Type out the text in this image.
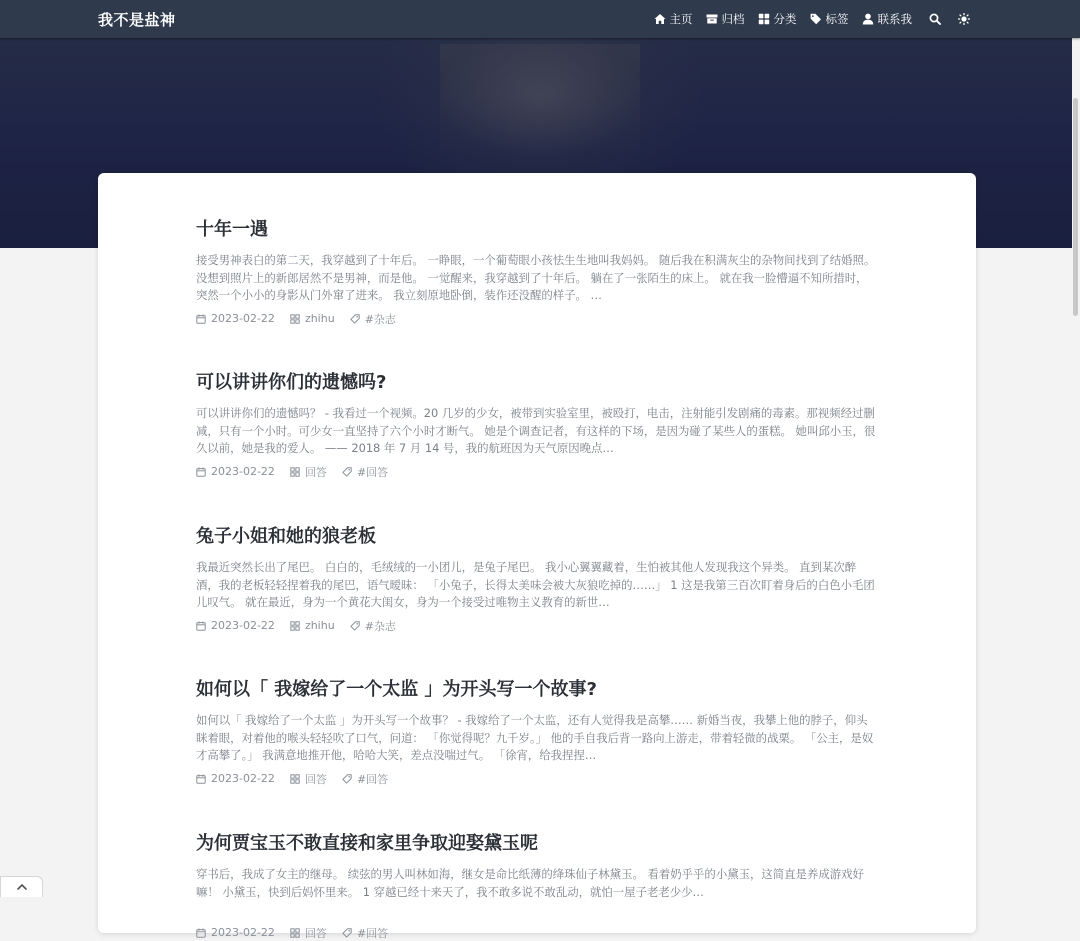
我不是盐神	主页	归档	分类	标签	联系我
十年一遇
接受男神表白的第二天，我穿越到了十年后。 一睁眼，一个葡萄眼小孩怯生生地叫我妈妈。 随后我在积满灰尘的杂物间找到了结婚照。 没想到照片上的新郎居然不是男神，而是他。 一觉醒来，我穿越到了十年后。 躺在了一张陌生的床上。 就在我一脸懵逼不知所措时，突然一个小小的身影从门外窜了进来。 我立刻原地卧倒，装作还没醒的样子。 …
2023-02-22	zhihu	#杂志
可以讲讲你们的遗憾吗?
可以讲讲你们的遗憾吗？ - 我看过一个视频。20 几岁的少女，被带到实验室里，被殴打，电击，注射能引发剧痛的毒素。那视频经过删减，只有一个小时。可少女一直坚持了六个小时才断气。 她是个调查记者，有这样的下场，是因为碰了某些人的蛋糕。 她叫邱小玉，很久以前，她是我的爱人。 —— 2018 年 7 月 14 号，我的航班因为天气原因晚点…
2023-02-22	回答	#回答
兔子小姐和她的狼老板
我最近突然长出了尾巴。 白白的，毛绒绒的一小团儿，是兔子尾巴。 我小心翼翼藏着，生怕被其他人发现我这个异类。 直到某次醉酒，我的老板轻轻捏着我的尾巴，语气暧昧： 「小兔子，长得太美味会被大灰狼吃掉的……」 1 这是我第三百次盯着身后的白色小毛团儿叹气。 就在最近，身为一个黄花大闺女，身为一个接受过唯物主义教育的新世…
2023-02-22	zhihu	#杂志
如何以「 我嫁给了一个太监 」为开头写一个故事?
如何以「 我嫁给了一个太监 」为开头写一个故事？ - 我嫁给了一个太监，还有人觉得我是高攀…… 新婚当夜，我攀上他的脖子，仰头眯着眼，对着他的喉头轻轻吹了口气，问道： 「你觉得呢？九千岁。」 他的手自我后背一路向上游走，带着轻微的战栗。 「公主，是奴才高攀了。」 我满意地推开他，哈哈大笑，差点没喘过气。 「徐宵，给我捏捏…
2023-02-22	回答	#回答
为何贾宝玉不敢直接和家里争取迎娶黛玉呢
穿书后，我成了女主的继母。 续弦的男人叫林如海，继女是命比纸薄的绛珠仙子林黛玉。 看着奶乎乎的小黛玉，这简直是养成游戏好嘛！ 小黛玉，快到后妈怀里来。 1 穿越已经十来天了，我不敢多说不敢乱动，就怕一屋子老老少少…
2023-02-22	回答	#回答
